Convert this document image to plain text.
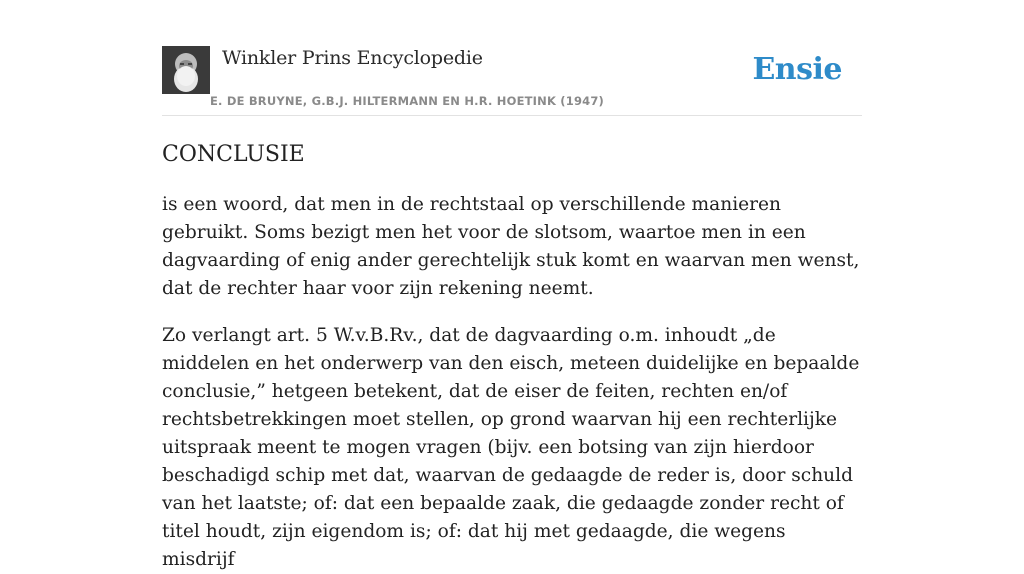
Winkler Prins Encyclopedie
E. DE BRUYNE, G.B.J. HILTERMANN EN H.R. HOETINK (1947)
Ensie
CONCLUSIE

is een woord, dat men in de rechtstaal op verschillende manieren gebruikt. Soms bezigt men het voor de slotsom, waartoe men in een dagvaarding of enig ander gerechtelijk stuk komt en waarvan men wenst, dat de rechter haar voor zijn rekening neemt.

Zo verlangt art. 5 W.v.B.Rv., dat de dagvaarding o.m. inhoudt „de middelen en het onderwerp van den eisch, meteen duidelijke en bepaalde conclusie,” hetgeen betekent, dat de eiser de feiten, rechten en/of rechtsbetrekkingen moet stellen, op grond waarvan hij een rechterlijke uitspraak meent te mogen vragen (bijv. een botsing van zijn hierdoor beschadigd schip met dat, waarvan de gedaagde de reder is, door schuld van het laatste; of: dat een bepaalde zaak, die gedaagde zonder recht of titel houdt, zijn eigendom is; of: dat hij met gedaagde, die wegens misdrijf
